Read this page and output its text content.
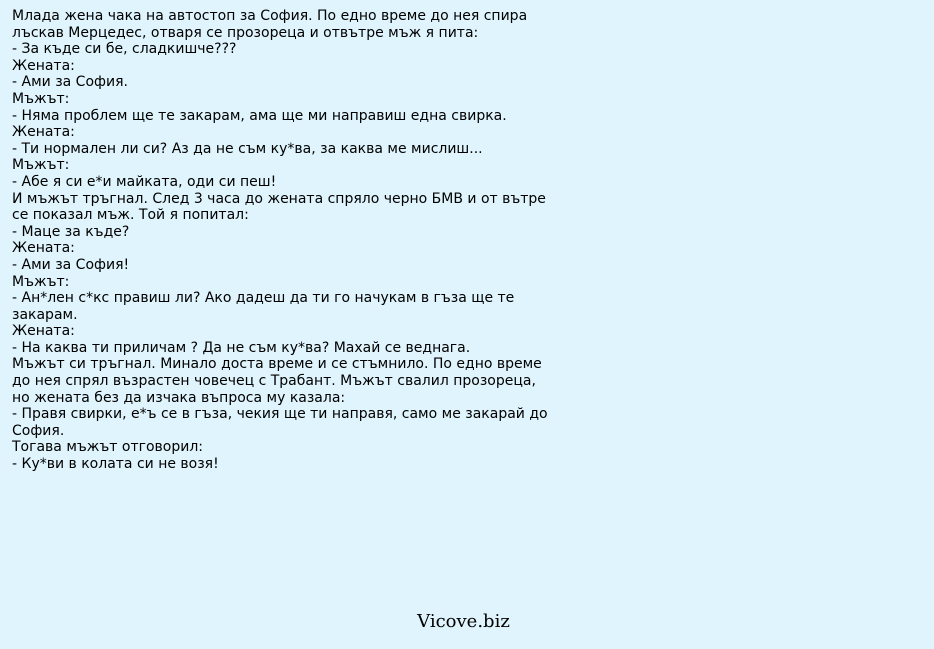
Млада жена чака на автостоп за София. По едно време до нея спира
лъскав Мерцедес, отваря се прозореца и отвътре мъж я пита:
- За къде си бе, сладкишче???
Жената:
- Ами за София.
Мъжът:
- Няма проблем ще те закарам, ама ще ми направиш една свирка.
Жената:
- Ти нормален ли си? Аз да не съм ку*ва, за каква ме мислиш...
Мъжът:
- Абе я си е*и майката, оди си пеш!
И мъжът тръгнал. След 3 часа до жената спряло черно БМВ и от вътре
се показал мъж. Той я попитал:
- Маце за къде?
Жената:
- Ами за София!
Мъжът:
- Ан*лен с*кс правиш ли? Ако дадеш да ти го начукам в гъза ще те
закарам.
Жената:
- На каква ти приличам ? Да не съм ку*ва? Махай се веднага.
Мъжът си тръгнал. Минало доста време и се стъмнило. По едно време
до нея спрял възрастен човечец с Трабант. Мъжът свалил прозореца,
но жената без да изчака въпроса му казала:
- Правя свирки, е*ъ се в гъза, чекия ще ти направя, само ме закарай до
София.
Тогава мъжът отговорил:
- Ку*ви в колата си не возя!
Vicove.biz
